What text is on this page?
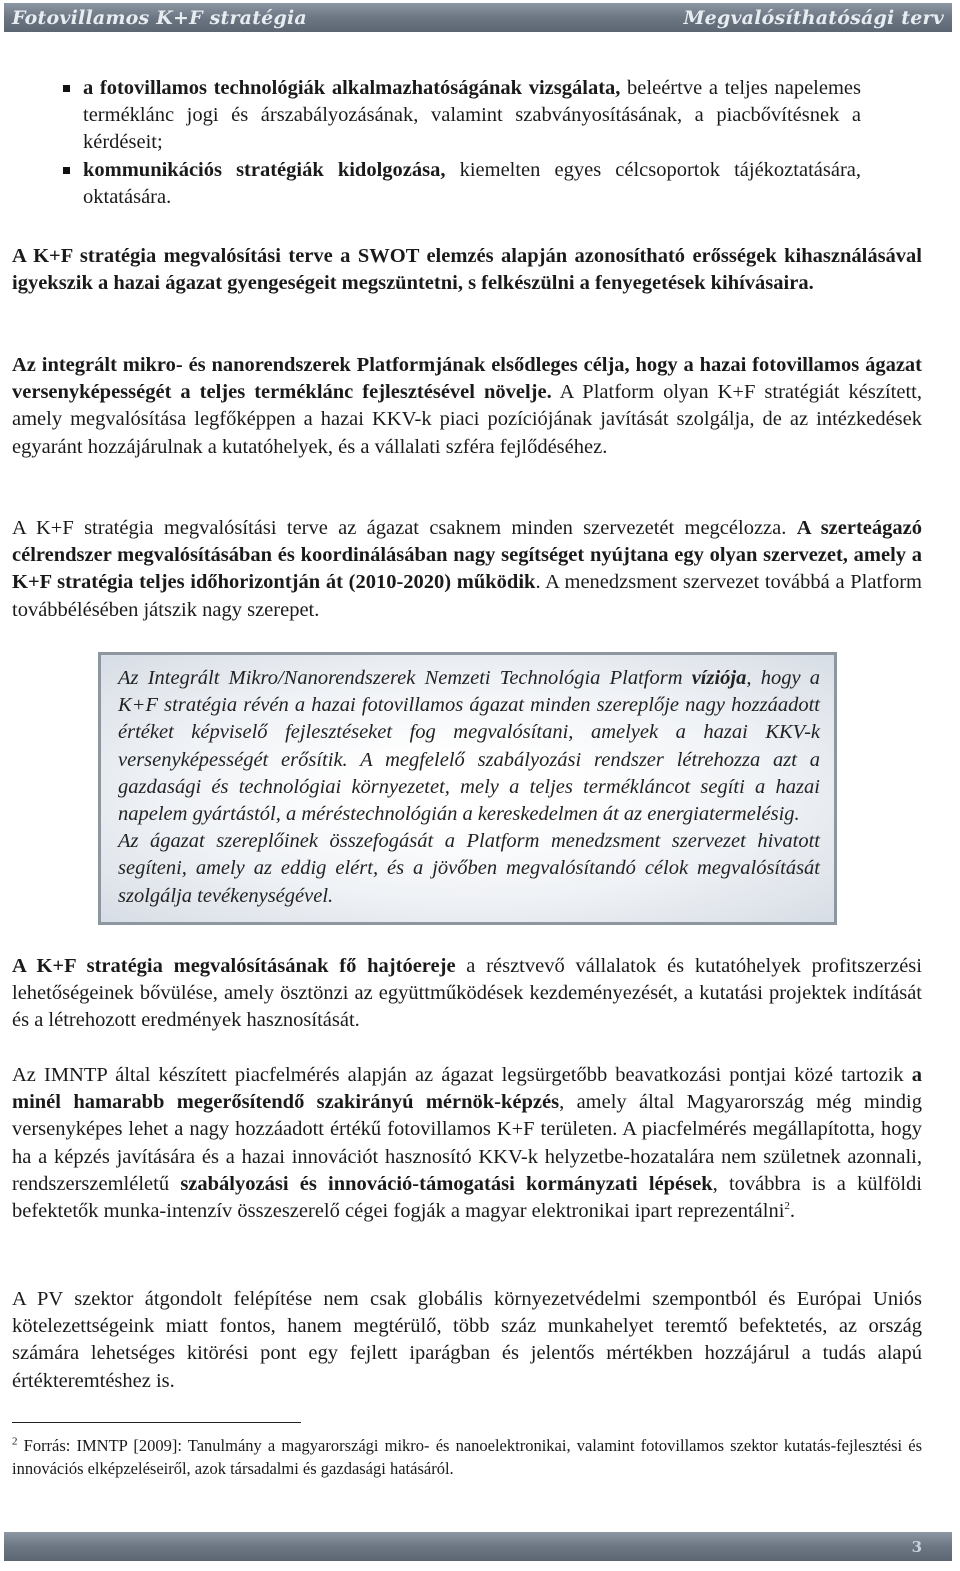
Fotovillamos K+F stratégia	Megvalósíthatósági terv

a fotovillamos technológiák alkalmazhatóságának vizsgálata, beleértve a teljes napelemes terméklánc jogi és árszabályozásának, valamint szabványosításának, a piacbővítésnek a kérdéseit;

kommunikációs stratégiák kidolgozása, kiemelten egyes célcsoportok tájékoztatására, oktatására.

A K+F stratégia megvalósítási terve a SWOT elemzés alapján azonosítható erősségek kihasználásával igyekszik a hazai ágazat gyengeségeit megszüntetni, s felkészülni a fenyegetések kihívásaira.

Az integrált mikro- és nanorendszerek Platformjának elsődleges célja, hogy a hazai fotovillamos ágazat versenyképességét a teljes terméklánc fejlesztésével növelje. A Platform olyan K+F stratégiát készített, amely megvalósítása legfőképpen a hazai KKV-k piaci pozíciójának javítását szolgálja, de az intézkedések egyaránt hozzájárulnak a kutatóhelyek, és a vállalati szféra fejlődéséhez.

A K+F stratégia megvalósítási terve az ágazat csaknem minden szervezetét megcélozza. A szerteágazó célrendszer megvalósításában és koordinálásában nagy segítséget nyújtana egy olyan szervezet, amely a K+F stratégia teljes időhorizontján át (2010-2020) működik. A menedzsment szervezet továbbá a Platform továbbélésében játszik nagy szerepet.

Az Integrált Mikro/Nanorendszerek Nemzeti Technológia Platform víziója, hogy a K+F stratégia révén a hazai fotovillamos ágazat minden szereplője nagy hozzáadott értéket képviselő fejlesztéseket fog megvalósítani, amelyek a hazai KKV-k versenyképességét erősítik. A megfelelő szabályozási rendszer létrehozza azt a gazdasági és technológiai környezetet, mely a teljes termékláncot segíti a hazai napelem gyártástól, a méréstechnológián a kereskedelmen át az energiatermelésig.

Az ágazat szereplőinek összefogását a Platform menedzsment szervezet hivatott segíteni, amely az eddig elért, és a jövőben megvalósítandó célok megvalósítását szolgálja tevékenységével.

A K+F stratégia megvalósításának fő hajtóereje a résztvevő vállalatok és kutatóhelyek profitszerzési lehetőségeinek bővülése, amely ösztönzi az együttműködések kezdeményezését, a kutatási projektek indítását és a létrehozott eredmények hasznosítását.

Az IMNTP által készített piacfelmérés alapján az ágazat legsürgetőbb beavatkozási pontjai közé tartozik a minél hamarabb megerősítendő szakirányú mérnök-képzés, amely által Magyarország még mindig versenyképes lehet a nagy hozzáadott értékű fotovillamos K+F területen. A piacfelmérés megállapította, hogy ha a képzés javítására és a hazai innovációt hasznosító KKV-k helyzetbe-hozatalára nem születnek azonnali, rendszerszemléletű szabályozási és innováció-támogatási kormányzati lépések, továbbra is a külföldi befektetők munka-intenzív összeszerelő cégei fogják a magyar elektronikai ipart reprezentálni$^2$.

A PV szektor átgondolt felépítése nem csak globális környezetvédelmi szempontból és Európai Uniós kötelezettségeink miatt fontos, hanem megtérülő, több száz munkahelyet teremtő befektetés, az ország számára lehetséges kitörési pont egy fejlett iparágban és jelentős mértékben hozzájárul a tudás alapú értékteremtéshez is.

$^2$ Forrás: IMNTP [2009]: Tanulmány a magyarországi mikro- és nanoelektronikai, valamint fotovillamos szektor kutatás-fejlesztési és innovációs elképzeléseiről, azok társadalmi és gazdasági hatásáról.

3
